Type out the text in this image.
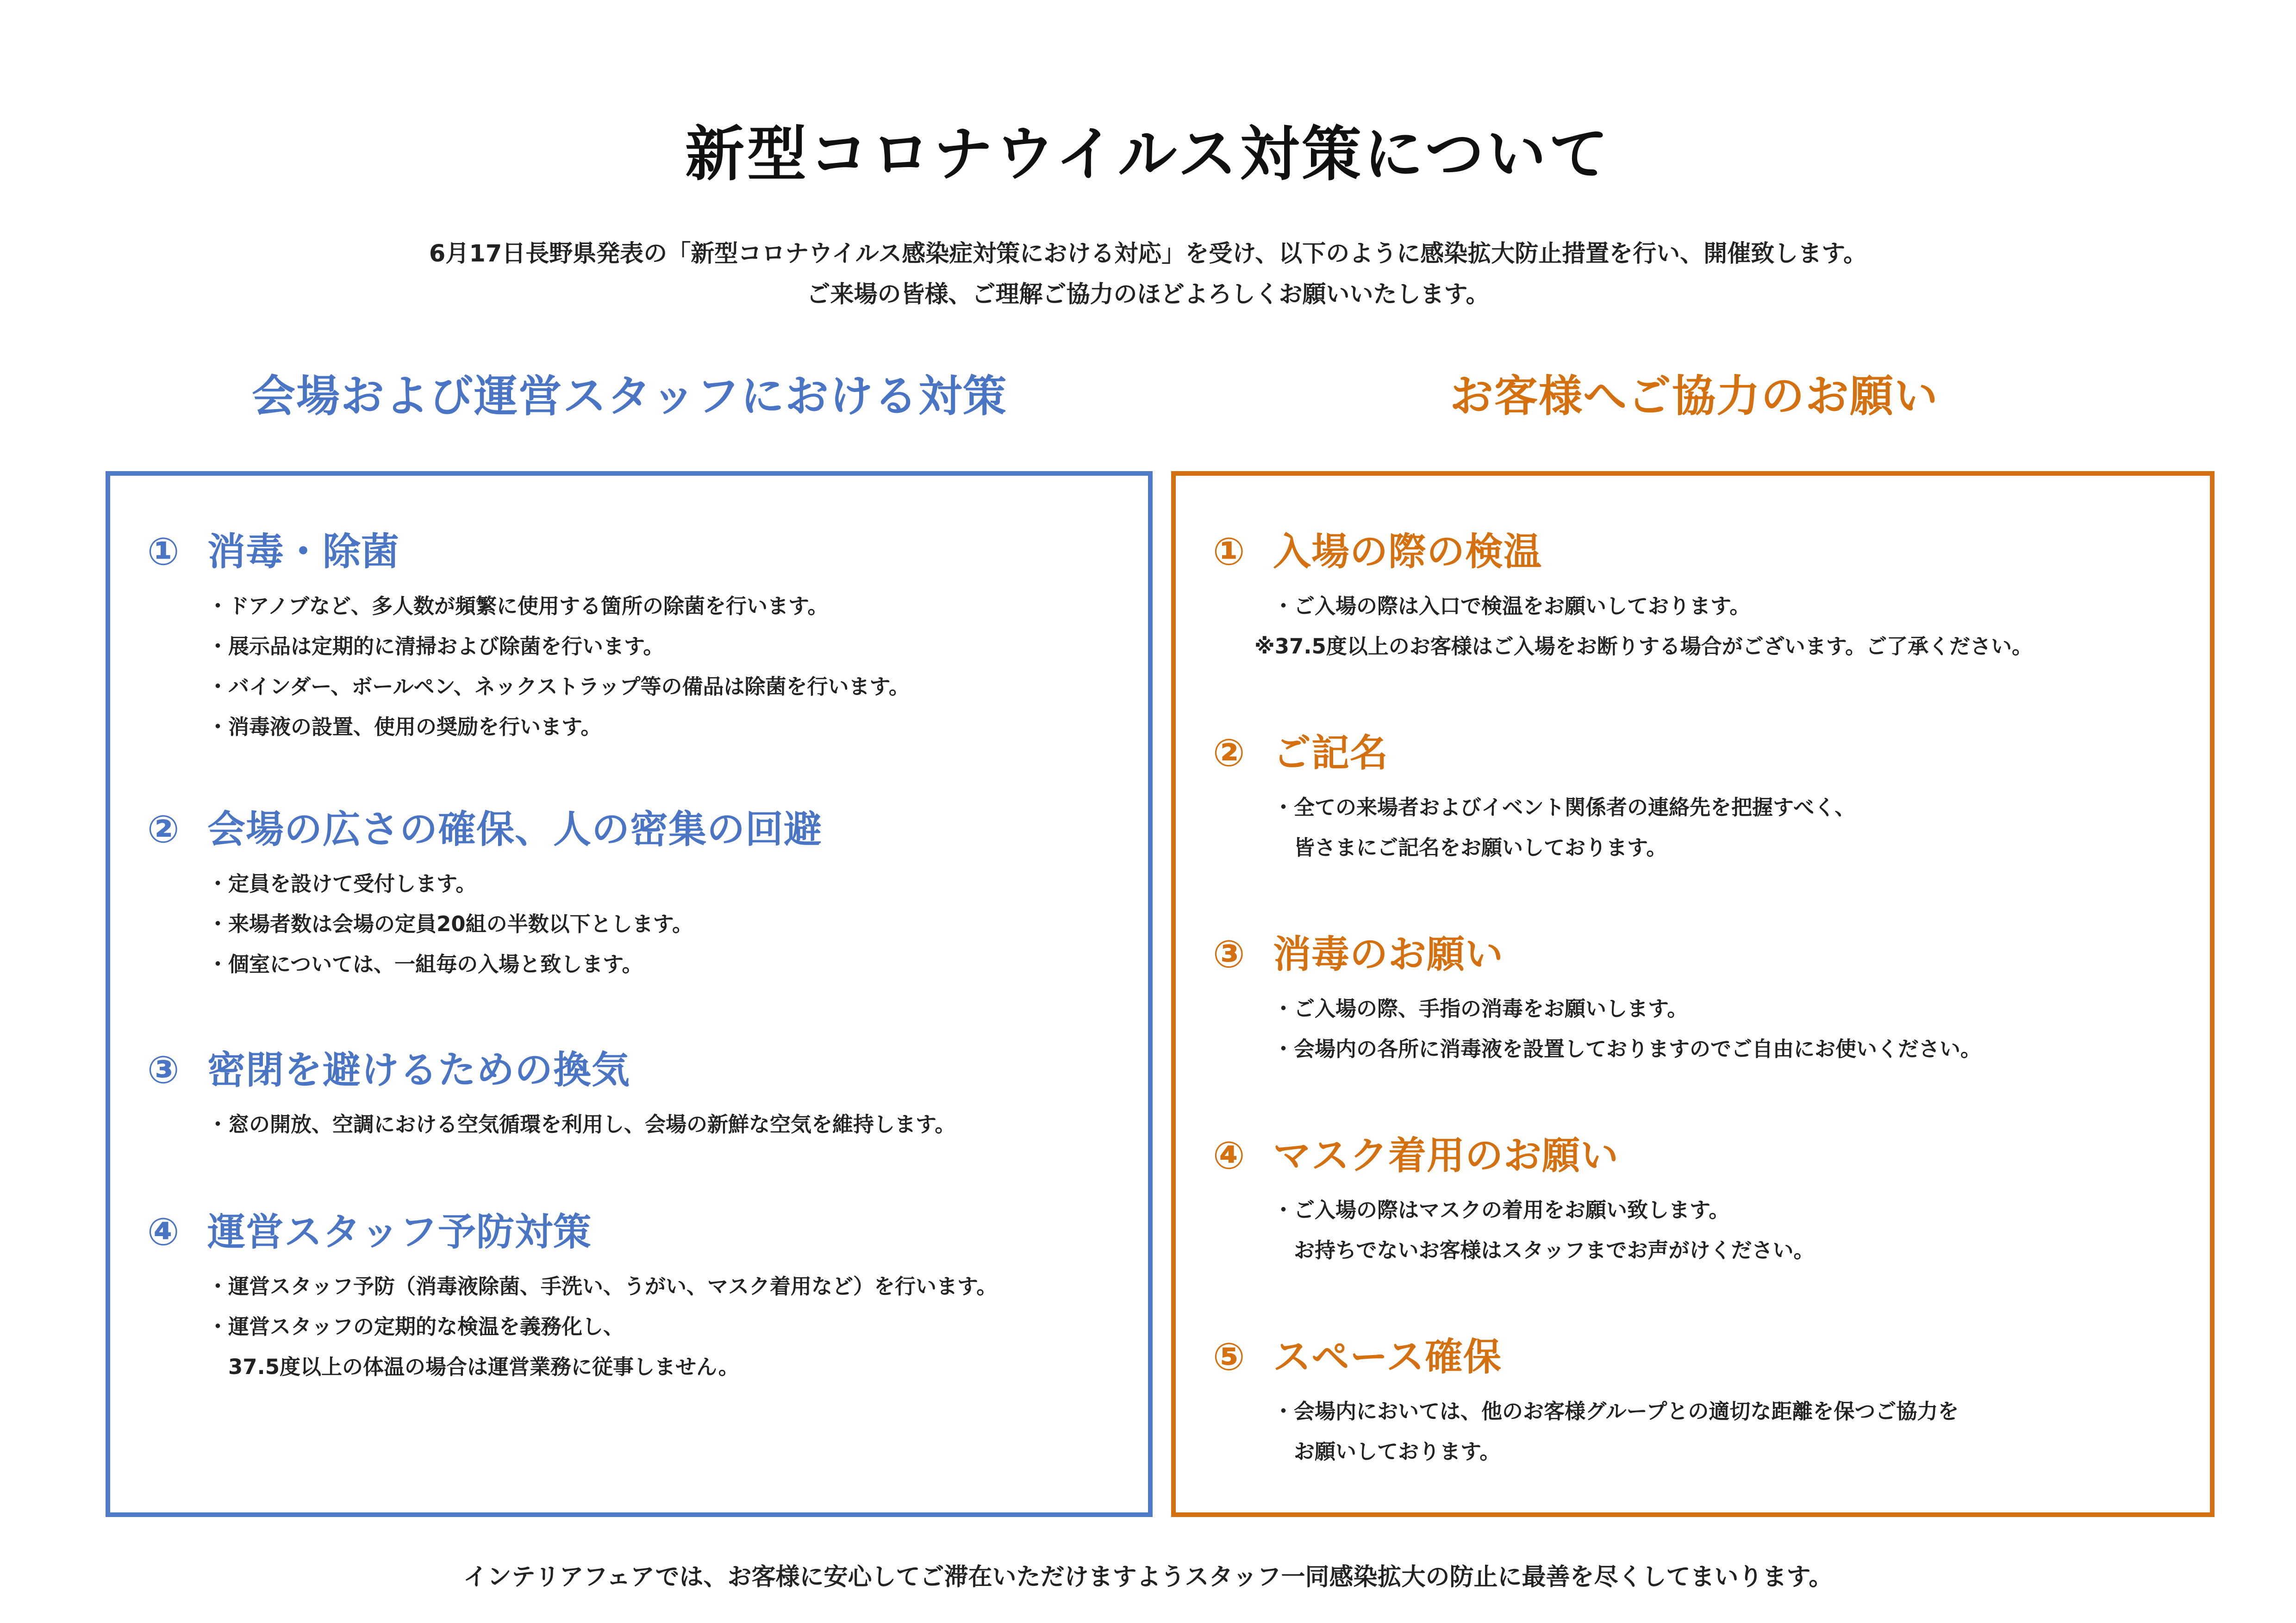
新型コロナウイルス対策について
6月17日長野県発表の「新型コロナウイルス感染症対策における対応」を受け、以下のように感染拡大防止措置を行い、開催致します。
ご来場の皆様、ご理解ご協力のほどよろしくお願いいたします。
会場および運営スタッフにおける対策	お客様へご協力のお願い
① 消毒・除菌
・ドアノブなど、多人数が頻繁に使用する箇所の除菌を行います。
・展示品は定期的に清掃および除菌を行います。
・バインダー、ボールペン、ネックストラップ等の備品は除菌を行います。
・消毒液の設置、使用の奨励を行います。
② 会場の広さの確保、人の密集の回避
・定員を設けて受付します。
・来場者数は会場の定員20組の半数以下とします。
・個室については、一組毎の入場と致します。
③ 密閉を避けるための換気
・窓の開放、空調における空気循環を利用し、会場の新鮮な空気を維持します。
④ 運営スタッフ予防対策
・運営スタッフ予防（消毒液除菌、手洗い、うがい、マスク着用など）を行います。
・運営スタッフの定期的な検温を義務化し、
　37.5度以上の体温の場合は運営業務に従事しません。
① 入場の際の検温
・ご入場の際は入口で検温をお願いしております。
※37.5度以上のお客様はご入場をお断りする場合がございます。ご了承ください。
② ご記名
・全ての来場者およびイベント関係者の連絡先を把握すべく、
　皆さまにご記名をお願いしております。
③ 消毒のお願い
・ご入場の際、手指の消毒をお願いします。
・会場内の各所に消毒液を設置しておりますのでご自由にお使いください。
④ マスク着用のお願い
・ご入場の際はマスクの着用をお願い致します。
　お持ちでないお客様はスタッフまでお声がけください。
⑤ スペース確保
・会場内においては、他のお客様グループとの適切な距離を保つご協力を
　お願いしております。
インテリアフェアでは、お客様に安心してご滞在いただけますようスタッフ一同感染拡大の防止に最善を尽くしてまいります。
